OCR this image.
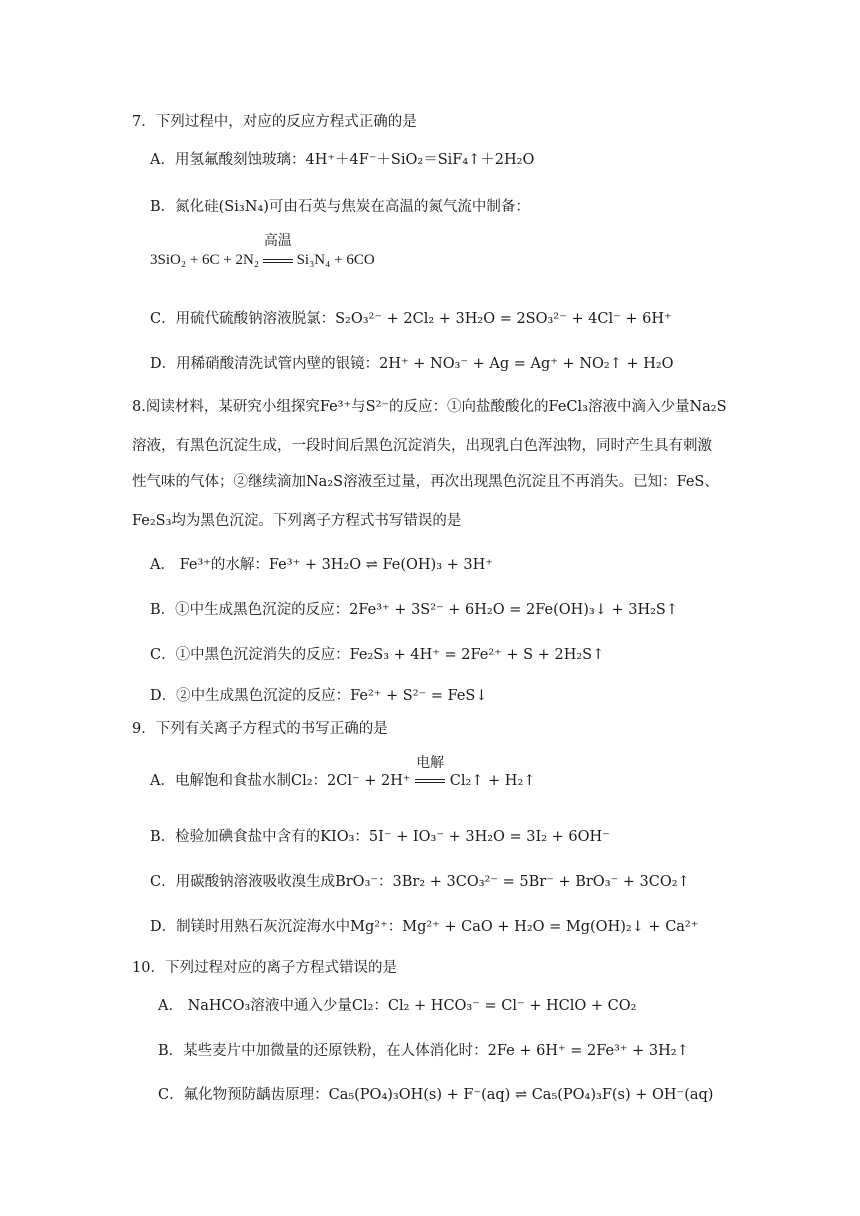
7．下列过程中，对应的反应方程式正确的是
A．用氢氟酸刻蚀玻璃：4H⁺＋4F⁻＋SiO₂＝SiF₄↑＋2H₂O
B．氮化硅(Si₃N₄)可由石英与焦炭在高温的氮气流中制备：
3SiO₂ + 6C + 2N₂
高温
Si₃N₄ + 6CO
C．用硫代硫酸钠溶液脱氯：S₂O₃²⁻ + 2Cl₂ + 3H₂O = 2SO₃²⁻ + 4Cl⁻ + 6H⁺
D．用稀硝酸清洗试管内壁的银镜：2H⁺ + NO₃⁻ + Ag = Ag⁺ + NO₂↑ + H₂O
8.阅读材料，某研究小组探究Fe³⁺与S²⁻的反应：①向盐酸酸化的FeCl₃溶液中滴入少量Na₂S
溶液，有黑色沉淀生成，一段时间后黑色沉淀消失，出现乳白色浑浊物，同时产生具有刺激
性气味的气体；②继续滴加Na₂S溶液至过量，再次出现黑色沉淀且不再消失。已知：FeS、
Fe₂S₃均为黑色沉淀。下列离子方程式书写错误的是
A． Fe³⁺的水解：Fe³⁺ + 3H₂O ⇌ Fe(OH)₃ + 3H⁺
B．①中生成黑色沉淀的反应：2Fe³⁺ + 3S²⁻ + 6H₂O = 2Fe(OH)₃↓ + 3H₂S↑
C．①中黑色沉淀消失的反应：Fe₂S₃ + 4H⁺ = 2Fe²⁺ + S + 2H₂S↑
D．②中生成黑色沉淀的反应：Fe²⁺ + S²⁻ = FeS↓
9．下列有关离子方程式的书写正确的是
A．电解饱和食盐水制Cl₂：2Cl⁻ + 2H⁺
电解
Cl₂↑ + H₂↑
B．检验加碘食盐中含有的KIO₃：5I⁻ + IO₃⁻ + 3H₂O = 3I₂ + 6OH⁻
C．用碳酸钠溶液吸收溴生成BrO₃⁻：3Br₂ + 3CO₃²⁻ = 5Br⁻ + BrO₃⁻ + 3CO₂↑
D．制镁时用熟石灰沉淀海水中Mg²⁺：Mg²⁺ + CaO + H₂O = Mg(OH)₂↓ + Ca²⁺
10．下列过程对应的离子方程式错误的是
A． NaHCO₃溶液中通入少量Cl₂：Cl₂ + HCO₃⁻ = Cl⁻ + HClO + CO₂
B．某些麦片中加微量的还原铁粉，在人体消化时：2Fe + 6H⁺ = 2Fe³⁺ + 3H₂↑
C．氟化物预防龋齿原理：Ca₅(PO₄)₃OH(s) + F⁻(aq) ⇌ Ca₅(PO₄)₃F(s) + OH⁻(aq)
